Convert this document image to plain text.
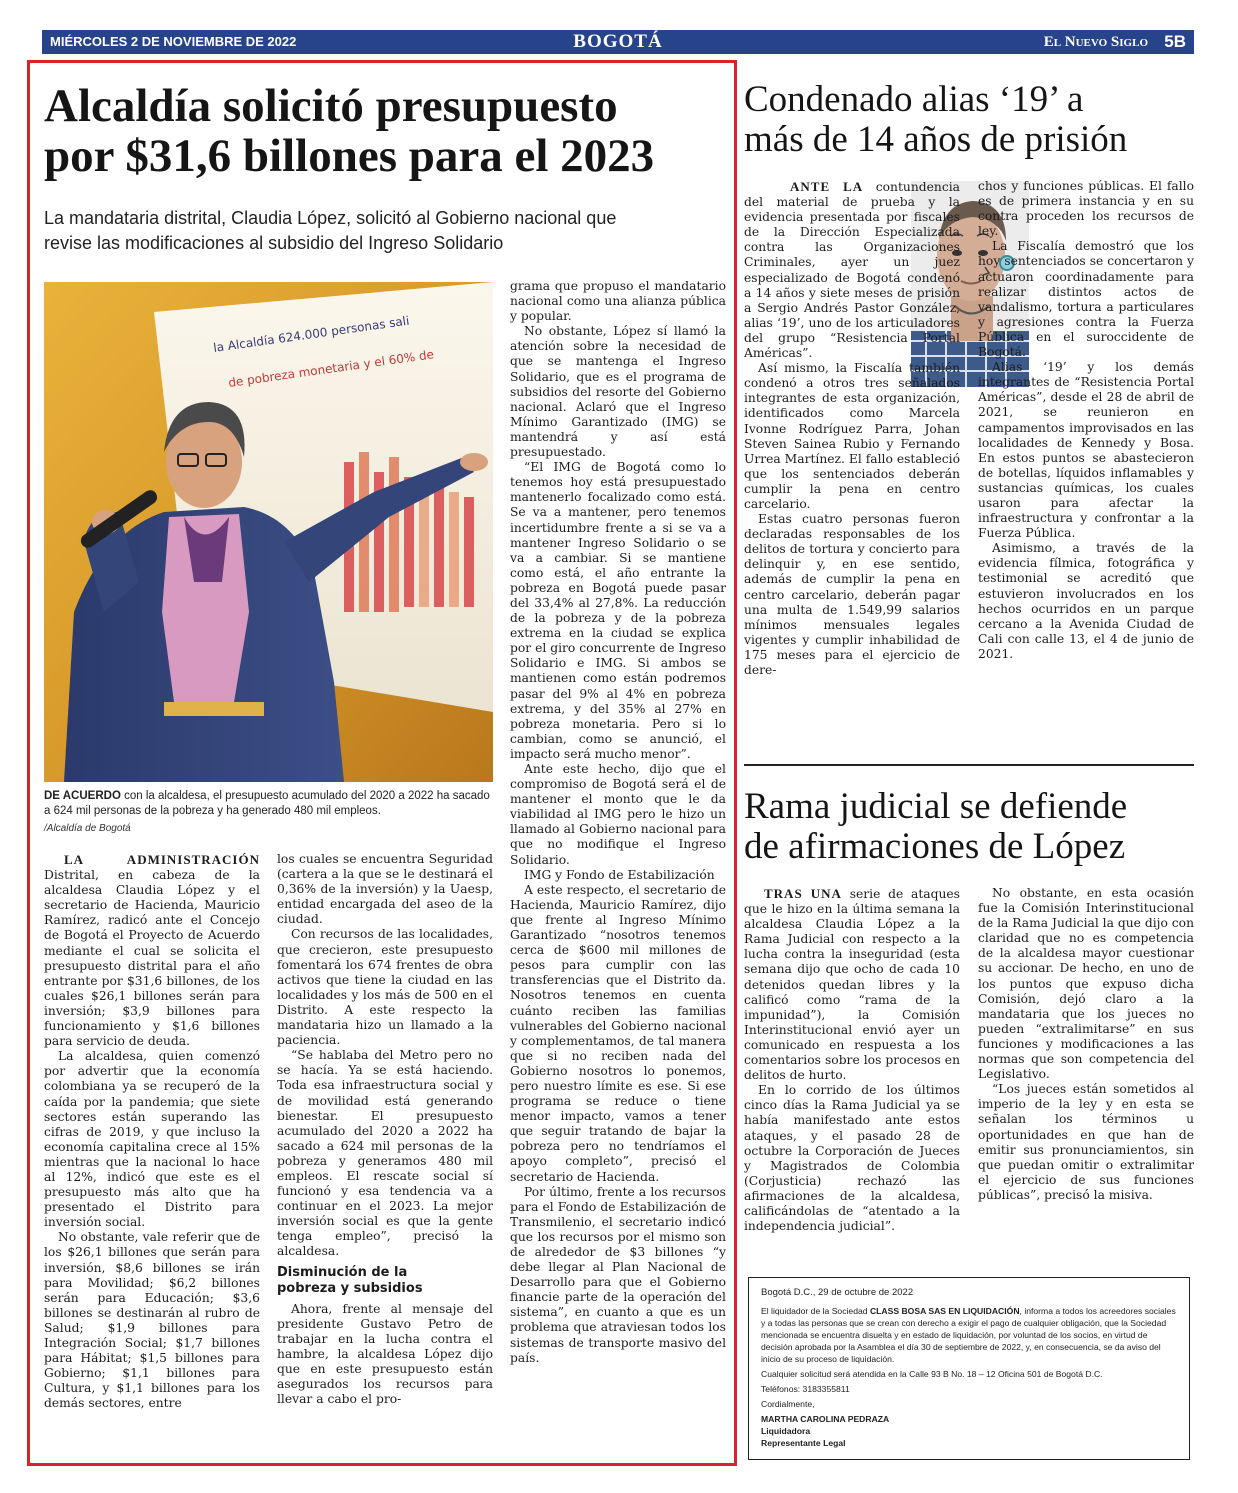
MIÉRCOLES 2 DE NOVIEMBRE DE 2022	BOGOTÁ	El Nuevo Siglo 5B
Alcaldía solicitó presupuesto
por $31,6 billones para el 2023
La mandataria distrital, Claudia López, solicitó al Gobierno nacional que
revise las modificaciones al subsidio del Ingreso Solidario
la Alcaldía 624.000 personas sali
de pobreza monetaria y el 60% de
DE ACUERDO con la alcaldesa, el presupuesto acumulado del 2020 a 2022 ha sacado a 624 mil personas de la pobreza y ha generado 480 mil empleos.
/Alcaldía de Bogotá

grama que propuso el mandatario nacional como una alianza pública y popular.

No obstante, López sí llamó la atención sobre la necesidad de que se mantenga el Ingreso Solidario, que es el programa de subsidios del resorte del Gobierno nacional. Aclaró que el Ingreso Mínimo Garantizado (IMG) se mantendrá y así está presupuestado.

“El IMG de Bogotá como lo tenemos hoy está presupuestado mantenerlo focalizado como está. Se va a mantener, pero tenemos incertidumbre frente a si se va a mantener Ingreso Solidario o se va a cambiar. Si se mantiene como está, el año entrante la pobreza en Bogotá puede pasar del 33,4% al 27,8%. La reducción de la pobreza y de la pobreza extrema en la ciudad se explica por el giro concurrente de Ingreso Solidario e IMG. Si ambos se mantienen como están podremos pasar del 9% al 4% en pobreza extrema, y del 35% al 27% en pobreza monetaria. Pero si lo cambian, como se anunció, el impacto será mucho menor”.

Ante este hecho, dijo que el compromiso de Bogotá será el de mantener el monto que le da viabilidad al IMG pero le hizo un llamado al Gobierno nacional para que no modifique el Ingreso Solidario.

IMG y Fondo de Estabilización

A este respecto, el secretario de Hacienda, Mauricio Ramírez, dijo que frente al Ingreso Mínimo Garantizado “nosotros tenemos cerca de $600 mil millones de pesos para cumplir con las transferencias que el Distrito da. Nosotros tenemos en cuenta cuánto reciben las familias vulnerables del Gobierno nacional y complementamos, de tal manera que si no reciben nada del Gobierno nosotros lo ponemos, pero nuestro límite es ese. Si ese programa se reduce o tiene menor impacto, vamos a tener que seguir tratando de bajar la pobreza pero no tendríamos el apoyo completo”, precisó el secretario de Hacienda.

Por último, frente a los recursos para el Fondo de Estabilización de Transmilenio, el secretario indicó que los recursos por el mismo son de alrededor de $3 billones “y debe llegar al Plan Nacional de Desarrollo para que el Gobierno financie parte de la operación del sistema”, en cuanto a que es un problema que atraviesan todos los sistemas de transporte masivo del país.

LA ADMINISTRACIÓN Distrital, en cabeza de la alcaldesa Claudia López y el secretario de Hacienda, Mauricio Ramírez, radicó ante el Concejo de Bogotá el Proyecto de Acuerdo mediante el cual se solicita el presupuesto distrital para el año entrante por $31,6 billones, de los cuales $26,1 billones serán para inversión; $3,9 billones para funcionamiento y $1,6 billones para servicio de deuda.

La alcaldesa, quien comenzó por advertir que la economía colombiana ya se recuperó de la caída por la pandemia; que siete sectores están superando las cifras de 2019, y que incluso la economía capitalina crece al 15% mientras que la nacional lo hace al 12%, indicó que este es el presupuesto más alto que ha presentado el Distrito para inversión social.

No obstante, vale referir que de los $26,1 billones que serán para inversión, $8,6 billones se irán para Movilidad; $6,2 billones serán para Educación; $3,6 billones se destinarán al rubro de Salud; $1,9 billones para Integración Social; $1,7 billones para Hábitat; $1,5 billones para Gobierno; $1,1 billones para Cultura, y $1,1 billones para los demás sectores, entre

los cuales se encuentra Seguridad (cartera a la que se le destinará el 0,36% de la inversión) y la Uaesp, entidad encargada del aseo de la ciudad.

Con recursos de las localidades, que crecieron, este presupuesto fomentará los 674 frentes de obra activos que tiene la ciudad en las localidades y los más de 500 en el Distrito. A este respecto la mandataria hizo un llamado a la paciencia.

“Se hablaba del Metro pero no se hacía. Ya se está haciendo. Toda esa infraestructura social y de movilidad está generando bienestar. El presupuesto acumulado del 2020 a 2022 ha sacado a 624 mil personas de la pobreza y generamos 480 mil empleos. El rescate social sí funcionó y esa tendencia va a continuar en el 2023. La mejor inversión social es que la gente tenga empleo”, precisó la alcaldesa.

Disminución de la
pobreza y subsidios

Ahora, frente al mensaje del presidente Gustavo Petro de trabajar en la lucha contra el hambre, la alcaldesa López dijo que en este presupuesto están asegurados los recursos para llevar a cabo el pro-

Condenado alias ‘19’ a
más de 14 años de prisión

ANTE LA contundencia del material de prueba y la evidencia presentada por fiscales de la Dirección Especializada contra las Organizaciones Criminales, ayer un juez especializado de Bogotá condenó a 14 años y siete meses de prisión a Sergio Andrés Pastor González, alias ‘19’, uno de los articuladores del grupo “Resistencia Portal Américas”.

Así mismo, la Fiscalía también condenó a otros tres señalados integrantes de esta organización, identificados como Marcela Ivonne Rodríguez Parra, Johan Steven Sainea Rubio y Fernando Urrea Martínez. El fallo estableció que los sentenciados deberán cumplir la pena en centro carcelario.

Estas cuatro personas fueron declaradas responsables de los delitos de tortura y concierto para delinquir y, en ese sentido, además de cumplir la pena en centro carcelario, deberán pagar una multa de 1.549,99 salarios mínimos mensuales legales vigentes y cumplir inhabilidad de 175 meses para el ejercicio de dere-

chos y funciones públicas. El fallo es de primera instancia y en su contra proceden los recursos de ley.

La Fiscalía demostró que los hoy sentenciados se concertaron y actuaron coordinadamente para realizar distintos actos de vandalismo, tortura a particulares y agresiones contra la Fuerza Pública en el suroccidente de Bogotá.

Alias ‘19’ y los demás integrantes de “Resistencia Portal Américas”, desde el 28 de abril de 2021, se reunieron en campamentos improvisados en las localidades de Kennedy y Bosa. En estos puntos se abastecieron de botellas, líquidos inflamables y sustancias químicas, los cuales usaron para afectar la infraestructura y confrontar a la Fuerza Pública.

Asimismo, a través de la evidencia fílmica, fotográfica y testimonial se acreditó que estuvieron involucrados en los hechos ocurridos en un parque cercano a la Avenida Ciudad de Cali con calle 13, el 4 de junio de 2021.

Rama judicial se defiende
de afirmaciones de López

TRAS UNA serie de ataques que le hizo en la última semana la alcaldesa Claudia López a la Rama Judicial con respecto a la lucha contra la inseguridad (esta semana dijo que ocho de cada 10 detenidos quedan libres y la calificó como “rama de la impunidad”), la Comisión Interinstitucional envió ayer un comunicado en respuesta a los comentarios sobre los procesos en delitos de hurto.

En lo corrido de los últimos cinco días la Rama Judicial ya se había manifestado ante estos ataques, y el pasado 28 de octubre la Corporación de Jueces y Magistrados de Colombia (Corjusticia) rechazó las afirmaciones de la alcaldesa, calificándolas de “atentado a la independencia judicial”.

No obstante, en esta ocasión fue la Comisión Interinstitucional de la Rama Judicial la que dijo con claridad que no es competencia de la alcaldesa mayor cuestionar su accionar. De hecho, en uno de los puntos que expuso dicha Comisión, dejó claro a la mandataria que los jueces no pueden “extralimitarse” en sus funciones y modificaciones a las normas que son competencia del Legislativo.

“Los jueces están sometidos al imperio de la ley y en esta se señalan los términos u oportunidades en que han de emitir sus pronunciamientos, sin que puedan omitir o extralimitar el ejercicio de sus funciones públicas”, precisó la misiva.

Bogotá D.C., 29 de octubre de 2022

El liquidador de la Sociedad CLASS BOSA SAS EN LIQUIDACIÓN, informa a todos los acreedores sociales y a todas las personas que se crean con derecho a exigir el pago de cualquier obligación, que la Sociedad mencionada se encuentra disuelta y en estado de liquidación, por voluntad de los socios, en virtud de decisión aprobada por la Asamblea el día 30 de septiembre de 2022, y, en consecuencia, se da aviso del inicio de su proceso de liquidación.

Cualquier solicitud será atendida en la Calle 93 B No. 18 – 12 Oficina 501 de Bogotá D.C.

Teléfonos: 3183355811

Cordialmente,

MARTHA CAROLINA PEDRAZA
Liquidadora
Representante Legal
